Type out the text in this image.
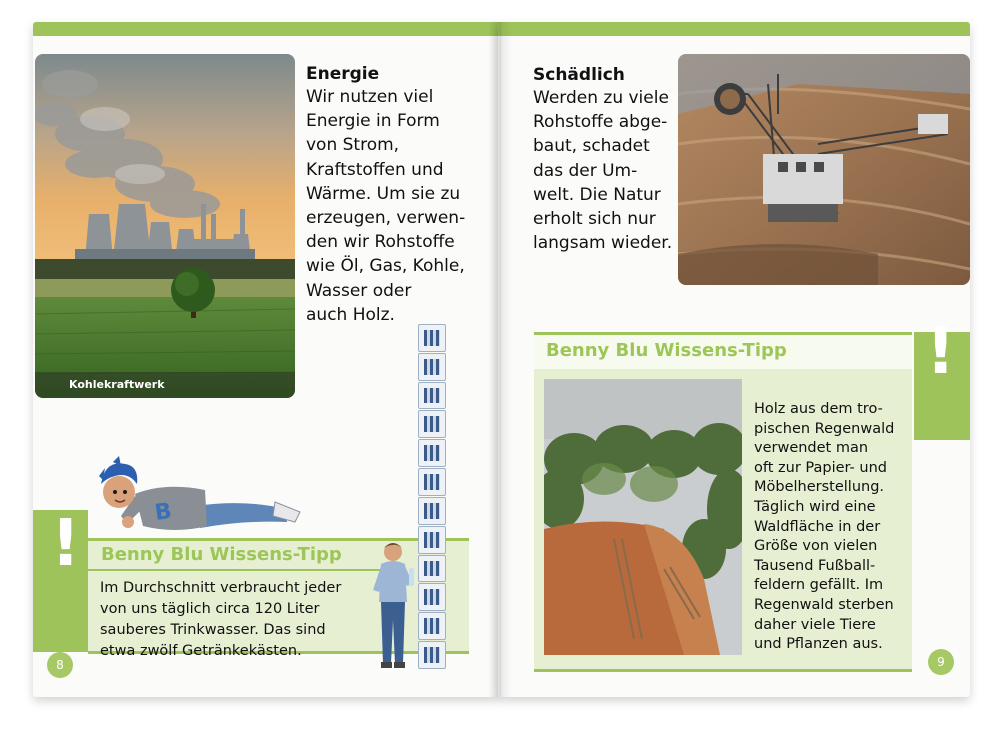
Kohlekraftwerk
Energie
Wir nutzen viel
Energie in Form
von Strom,
Kraftstoffen und
Wärme. Um sie zu
erzeugen, verwen-
den wir Rohstoffe
wie Öl, Gas, Kohle,
Wasser oder
auch Holz.
! Benny Blu Wissens-Tipp
Im Durchschnitt verbraucht jeder
von uns täglich circa 120 Liter
sauberes Trinkwasser. Das sind
etwa zwölf Getränkekästen.
B
8
Schädlich
Werden zu viele
Rohstoffe abge-
baut, schadet
das der Um-
welt. Die Natur
erholt sich nur
langsam wieder.
!
Benny Blu Wissens-Tipp
Holz aus dem tro-
pischen Regenwald
verwendet man
oft zur Papier- und
Möbelherstellung.
Täglich wird eine
Waldfläche in der
Größe von vielen
Tausend Fußball-
feldern gefällt. Im
Regenwald sterben
daher viele Tiere
und Pflanzen aus.
9
